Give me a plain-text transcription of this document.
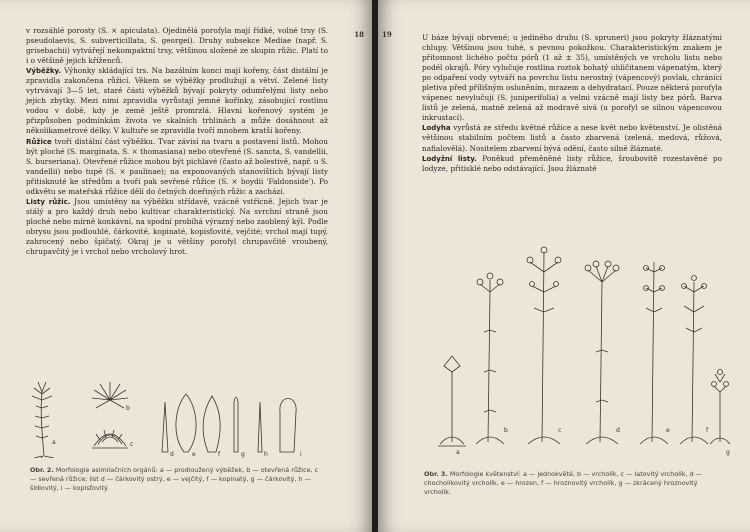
18

v rozsáhlé porosty (S. × apiculata). Ojedinělá porofyla mají řídké, volné trsy (S. pseudolaevis, S. subverticillata, S. georgei). Druhy subsekce Mediae (např. S. grisebachii) vytvářejí nekompaktní trsy, většinou složené ze skupin růžic. Platí to i o většině jejich kříženců.

Výběžky. Výhonky skládající trs. Na bazálním konci mají kořeny, část distální je zpravidla zakončena růžicí. Věkem se výběžky prodlužují a větví. Zelené listy vytrvávají 3—5 let, staré části výběžků bývají pokryty odumřelými listy nebo jejich zbytky. Mezi nimi zpravidla vyrůstají jemné kořínky, zásobující rostlinu vodou v době, kdy je země ještě promrzlá. Hlavní kořenový systém je přizpůsoben podmínkám života ve skalních trhlinách a může dosáhnout až několikametrové délky. V kultuře se zpravidla tvoří mnohem kratší kořeny.

Růžice tvoří distální část výběžku. Tvar závisí na tvaru a postavení listů. Mohou být ploché (S. marginata, S. × thomasiana) nebo otevřené (S. sancta, S. vandellii, S. burseriana). Otevřené růžice mohou být pichlavé (často až bolestivě, např. u S. vandellii) nebo tupé (S. × paulinae); na exponovaných stanovištích bývají listy přitisknuté ke středům a tvoří pak sevřené růžice (S. × boydii 'Faldonside'). Po odkvětu se mateřská růžice dělí do četných dceřiných růžic a zachází.

Listy růžic. Jsou umístěny na výběžku střídavě, vzácně vstřícně. Jejich tvar je stálý a pro každý druh nebo kultivar charakteristický. Na svrchní straně jsou ploché nebo mírně konkávní, na spodní probíhá výrazný nebo zaoblený kýl. Podle obrysu jsou podlouhlé, čárkovité, kopinaté, kopisťovité, vejčité; vrchol mají tupý, zahrocený nebo špičatý. Okraj je u většiny porofyl chrupavčitě vroubený, chrupavčitý je i vrchol nebo vrcholový hrot.

a
b
c
d	e	f	g	h	i
Obr. 2. Morfologie asimilačních orgánů: a — prodloužený výběžek, b — otevřená růžice, c — sevřená růžice; list d — čárkovitý ostrý, e — vejčitý, f — kopinatý, g — čárkovitý, h — šídlovitý, i — kopisťovitý.
19	U báze bývají obrvené; u jediného druhu (S. spruneri) jsou pokryty žláznatými chlupy. Většinou jsou tuhé, s pevnou pokožkou. Charakteristickým znakem je přítomnost lichého počtu pórů (1 až ± 35), umístěných ve vrcholu listu nebo podél okrajů. Póry vylučuje rostlina roztok bohatý uhličitanem vápenatým, který po odpaření vody vytváří na povrchu listu nerostný (vápencový) povlak, chránící pletiva před přílišným osluněním, mrazem a dehydratací. Pouze některá porofyla vápenec nevylučují (S. juniperifolia) a velmi vzácně mají listy bez pórů. Barva listů je zelená, matně zelená až modravě sivá (u porofyl se silnou vápencovou inkrustací).

Lodyha vyrůstá ze středu květné růžice a nese květ nebo květenství. Je olistěná většinou stabilním počtem listů a často zbarvená (zelená, medová, růžová, nafialovělá). Nositelem zbarvení bývá odění, často silně žláznaté.

Lodyžní listy. Poněkud přeměněné listy růžice, šroubovitě rozestavěné po lodyze, přitisklé nebo odstávající. Jsou žláznaté

a
b	c	d	e	f
g
Obr. 3. Morfologie květenství: a — jednokvěté, b — vrcholík, c — latovitý vrcholík, d — chocholíkovitý vrcholík, e — hrozen, f — hroznovitý vrcholík, g — zkrácený hroznovitý vrcholík.
